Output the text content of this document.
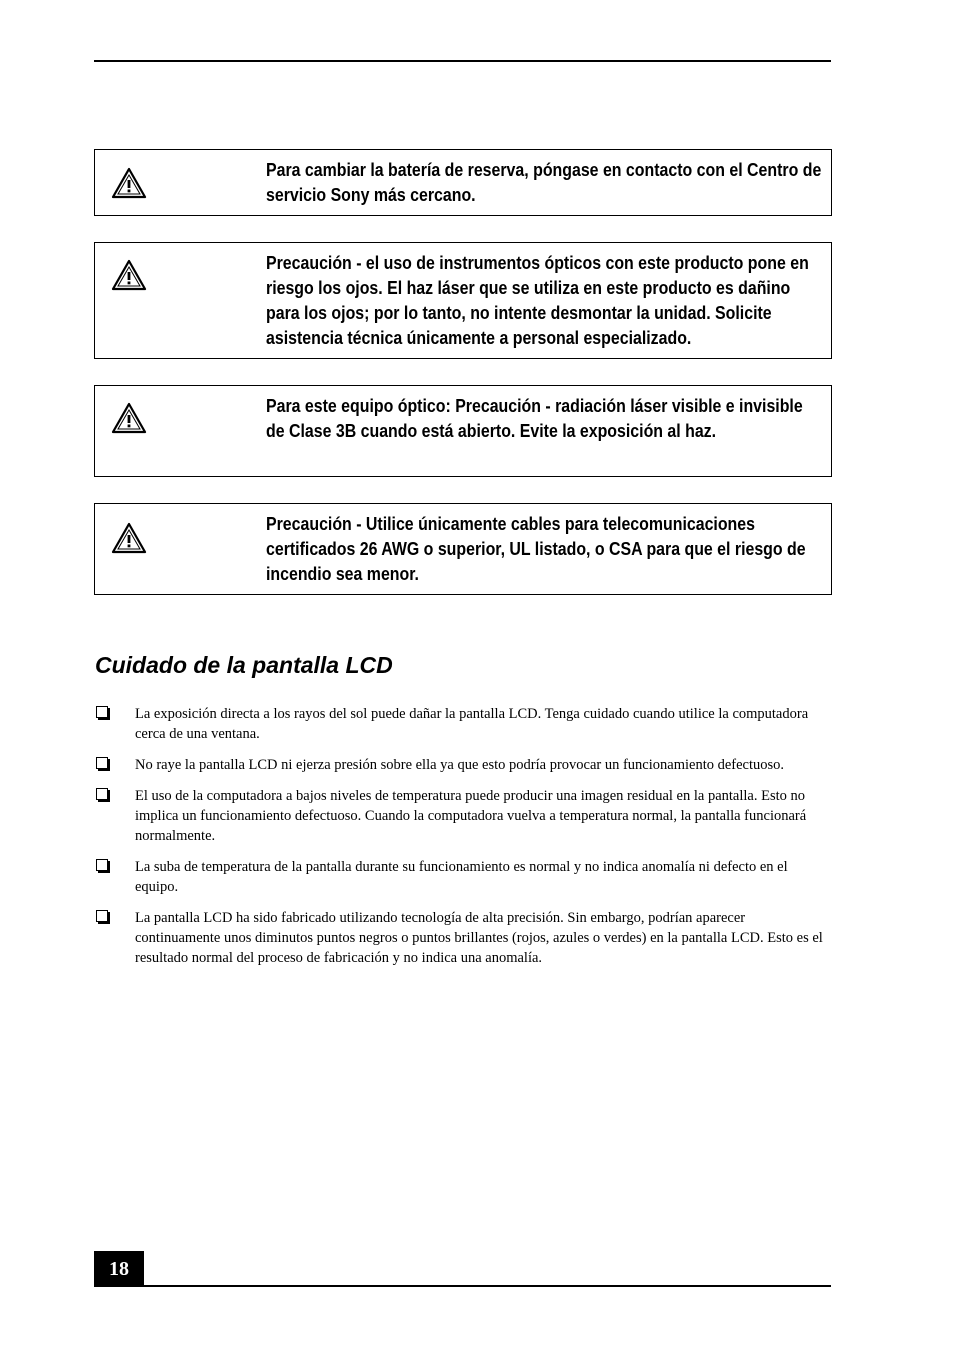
Para cambiar la batería de reserva, póngase en contacto con el Centro de servicio Sony más cercano.
Precaución - el uso de instrumentos ópticos con este producto pone en riesgo los ojos. El haz láser que se utiliza en este producto es dañino para los ojos; por lo tanto, no intente desmontar la unidad. Solicite asistencia técnica únicamente a personal especializado.
Para este equipo óptico: Precaución - radiación láser visible e invisible de Clase 3B cuando está abierto. Evite la exposición al haz.
Precaución - Utilice únicamente cables para telecomunicaciones certificados 26 AWG o superior, UL listado, o CSA para que el riesgo de incendio sea menor.
Cuidado de la pantalla LCD
La exposición directa a los rayos del sol puede dañar la pantalla LCD. Tenga cuidado cuando utilice la computadora cerca de una ventana.
No raye la pantalla LCD ni ejerza presión sobre ella ya que esto podría provocar un funcionamiento defectuoso.
El uso de la computadora a bajos niveles de temperatura puede producir una imagen residual en la pantalla. Esto no implica un funcionamiento defectuoso. Cuando la computadora vuelva a temperatura normal, la pantalla funcionará normalmente.
La suba de temperatura de la pantalla durante su funcionamiento es normal y no indica anomalía ni defecto en el equipo.
La pantalla LCD ha sido fabricado utilizando tecnología de alta precisión. Sin embargo, podrían aparecer continuamente unos diminutos puntos negros o puntos brillantes (rojos, azules o verdes) en la pantalla LCD. Esto es el resultado normal del proceso de fabricación y no indica una anomalía.
18
